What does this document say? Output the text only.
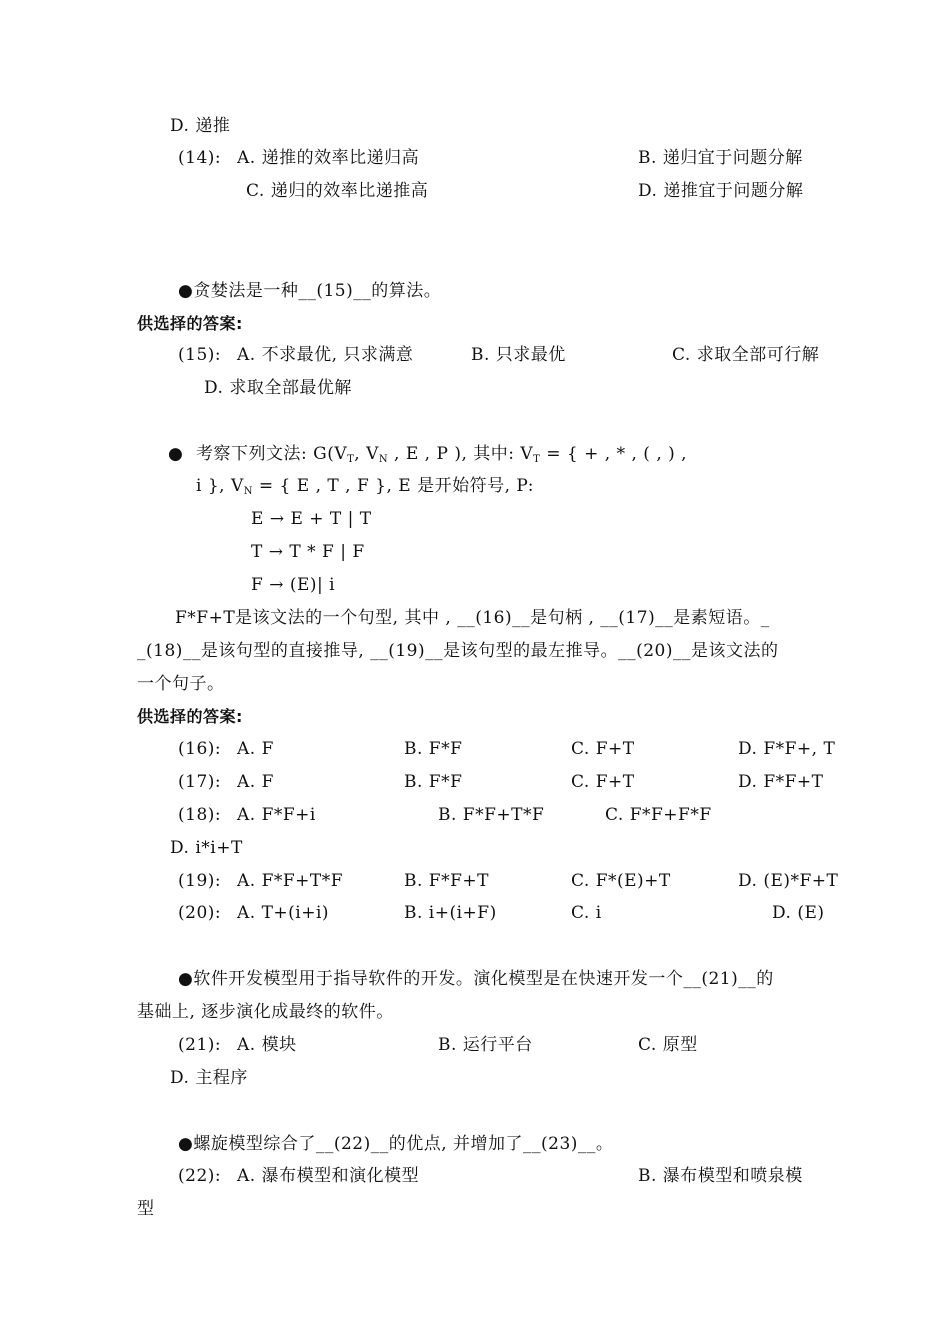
D. 递推
(14): A. 递推的效率比递归高	B. 递归宜于问题分解
C. 递归的效率比递推高	D. 递推宜于问题分解
●贪婪法是一种__(15)__的算法。
供选择的答案:
(15): A. 不求最优, 只求满意	B. 只求最优	C. 求取全部可行解
D. 求取全部最优解
● 考察下列文法: $G(V_T$, $V_N$ , E , P ), 其中: $V_T$ = { + , * , ( , ) ,
i }, $V_N$ = { E , T , F }, E 是开始符号, P:
E → E + T | T
T → T * F | F
F → (E)| i
F*F+T是该文法的一个句型, 其中 , __(16)__是句柄 , __(17)__是素短语。_
_(18)__是该句型的直接推导, __(19)__是该句型的最左推导。__(20)__是该文法的
一个句子。
供选择的答案:
(16): A. F	B. F*F	C. F+T	D. F*F+, T
(17): A. F	B. F*F	C. F+T	D. F*F+T
(18): A. F*F+i	B. F*F+T*F	C. F*F+F*F
D. i*i+T
(19): A. F*F+T*F	B. F*F+T	C. F*(E)+T	D. (E)*F+T
(20): A. T+(i+i)	B. i+(i+F)	C. i	D. (E)
●软件开发模型用于指导软件的开发。演化模型是在快速开发一个__(21)__的
基础上, 逐步演化成最终的软件。
(21): A. 模块	B. 运行平台	C. 原型
D. 主程序
●螺旋模型综合了__(22)__的优点, 并增加了__(23)__。
(22): A. 瀑布模型和演化模型	B. 瀑布模型和喷泉模
型
